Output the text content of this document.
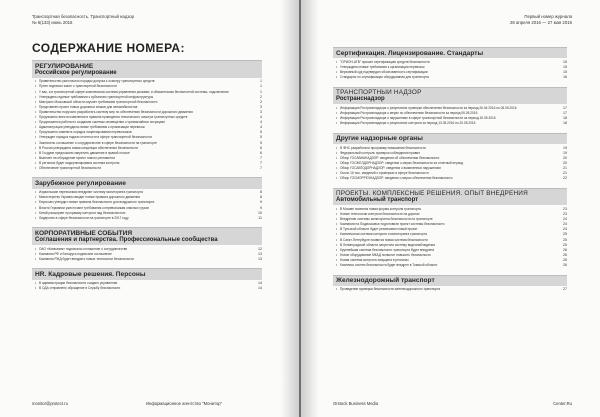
Транспортная безопасность. Транспортный надзор
№ 6(133) июнь 2016
СОДЕРЖАНИЕ НОМЕРА:
РЕГУЛИРОВАНИЕ
Российское регулирование
• Правительство ужесточило порядок допуска к осмотру транспортных средств	1
• Путин подписал закон о транспортной безопасности	1
• У вас, а в транспортной сфере комплексная система управления рисками; и обязательная беспилотной системы, подключение	1
• Утверждены единые требования к субъектам транспортной инфраструктуры	2
• Минтранс Московской области изучает требования транспортной безопасности	2
• Представлен проект новых дорожных знаков для автомобилистов	3
• Правительство поручило разработать систему мер по обеспечению безопасности дорожного движения	3
• Предложено внести изменения в правила проведения технического осмотра транспортных средств	4
• Продолжается работа по созданию системы оповещения о чрезвычайных ситуациях	4
• Администрация утвердила новые требования к организации перевозок	4
• Предложено изменить порядок лицензирования перевозчиков	5
• Утвержден порядок подачи отчетности в сфере транспортной безопасности	5
• Заключено соглашение о сотрудничестве в сфере безопасности на транспорте	5
• В России утверждена новая концепция обеспечения безопасности	6
• В Госдуме предложили запретить движение в правой полосе	6
• Вынесен на обсуждение проект нового регламента	7
• В регионах будет модернизирована система контроля	7
• Обеспечение транспортной безопасности	7
Зарубежное регулирование
• Израильские перевозчики внедряют систему мониторинга транспорта	8
• Министерство Украины вводит новые правила дорожного движения	8
• Евросоюз утвердит новые правила безопасности для воздушного транспорта	9
• Власти Германии ужесточают требования к перевозчикам опасных грузов	9
• Китай расширяет программу контроля над безопасностью	10
• Лидерство в сфере безопасности на транспорте в 2017 году	11
КОРПОРАТИВНЫЕ СОБЫТИЯ
Соглашения и партнерства. Профессиональные сообщества
• ОАО «Компания» подписала соглашение о сотрудничестве	12
• Компания РФ и Беларусь подписали соглашение	13
• Компания РЖД будет внедрять новые технологии безопасности	13
HR. Кадровые решения. Персоны
• В администрации безопасности создано управление	14
• В ОДА отправлено обращение в Службу безопасности	14
monitor@protect.ru	Информационное агентство "Монитор"
Первый номер журнала
28 апреля 2016 — 27 мая 2016
Сертификация. Лицензирование. Стандарты
• "ОРИОН-АТВ" прошел сертификацию средств безопасности	15
• Утверждены новые требования к организации перевозок	15
• Верховный суд подтвердил обоснованность сертификации	15
• Стандарты по сертификации оборудования для транспорта	16
ТРАНСПОРТНЫЙ НАДЗОР
Ространснадзор
• Информация Ространснадзора о результатах проверки обеспечения безопасности за период 26.04.2016 по 06.05.2016	17
• Информация Ространснадзора о мерах по обеспечению безопасности за период 06.05.2016	17
• Информация Ространснадзора о нарушениях в сфере транспортной безопасности за период 20.05.2016	18
• Информация Ространснадзора о результатах контроля за период 13.05.2016 по 20.05.2016	18
Другие надзорные органы
• В ФНС разработали программу повышения безопасности	19
• Федеральный контроль проверки соблюдения правил	19
• Обзор ГОСАВИАНАДЗОР: сведения об обеспечении безопасности	20
• Обзор ГОСЖЕЛДОРНАДЗОР: сведения о мерах безопасности за отчетный период	20
• Обзор ГОСАВТОДОРНАДЗОР: сведения о выявленных нарушениях	21
• Около 16 тыс. сведений о проверках в сфере безопасности	21
• Обзор ГОСМОРРЕЧНАДЗОР: сведения о мерах обеспечения безопасности	22
ПРОЕКТЫ. КОМПЛЕКСНЫЕ РЕШЕНИЯ. ОПЫТ ВНЕДРЕНИЯ
Автомобильный транспорт
• В Москве появится новая форма контроля транспорта	23
• Новые технологии контроля безопасности на дорогах	23
• Внедрение системы мониторинга безопасности на транспорте	24
• Компании на Подмосковье подготовили проект системы безопасности	24
• В Тульской области будет реализован новый проект	24
• Комплексная система контроля и мониторинга транспорта	25
• В Санкт-Петербурге появится новая система безопасности	25
• В Ленинградской области запустили систему видеонаблюдения	25
• Крупнейшая система безопасности транспорта будет внедрена	26
• Новое оборудование МКАД позволит повысить безопасность	26
• Новая система контроля запущена в регионах	26
• Комплекс систем безопасности будет внедрен в Томской области	26
Железнодорожный транспорт
• Проведение проверки безопасности железнодорожного транспорта	27
Orstock Business Media	Center.Ru
